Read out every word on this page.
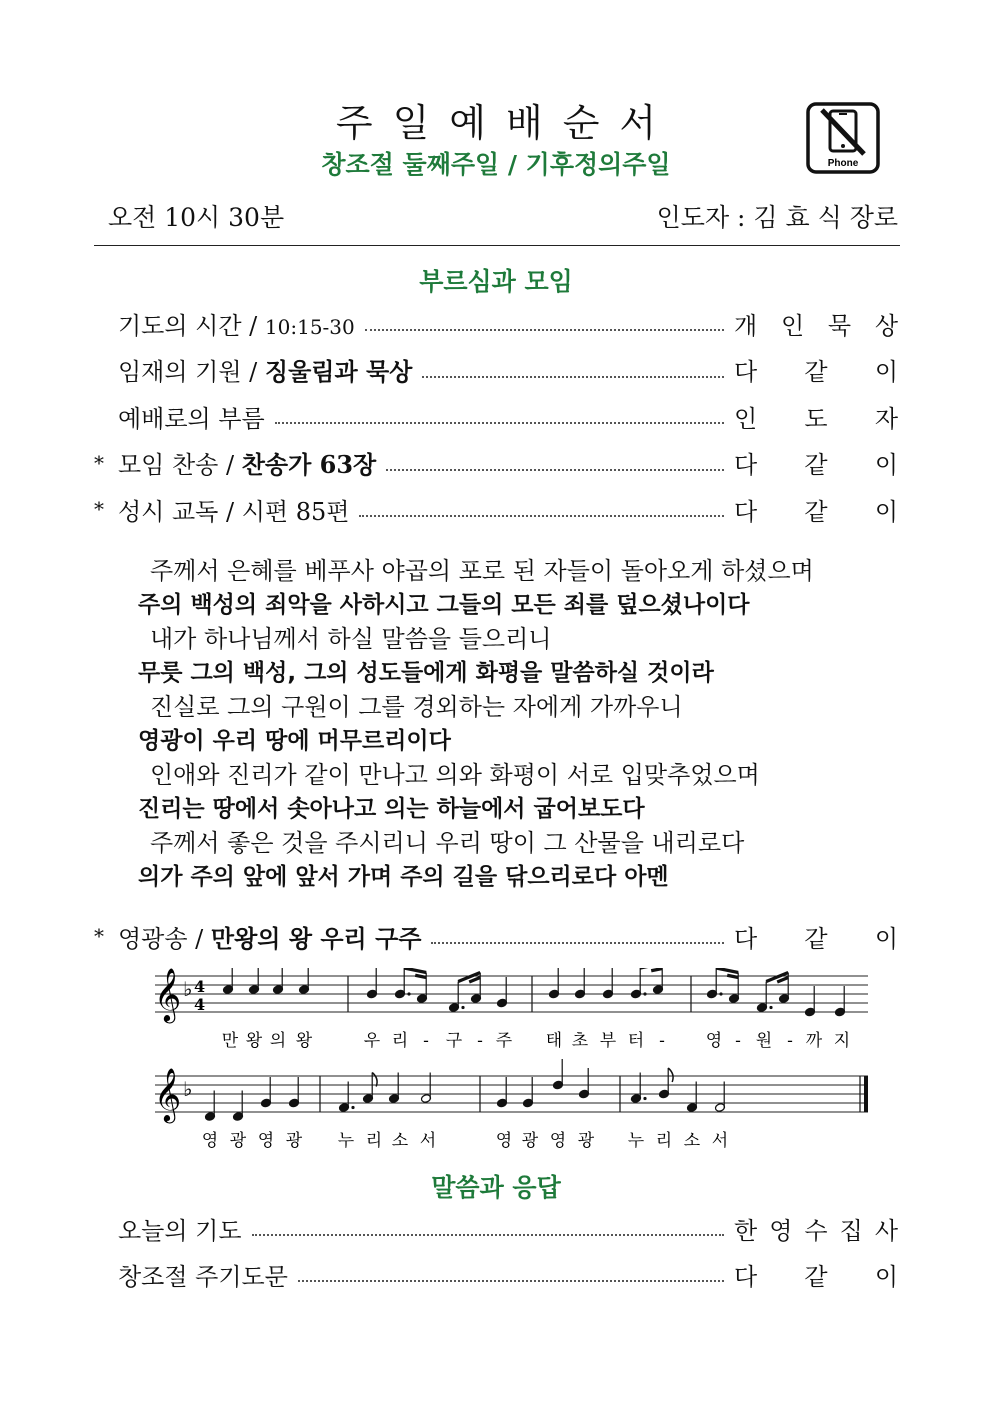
주일예배순서
창조절 둘째주일 / 기후정의주일	Phone
오전 10시 30분	인도자 : 김 효 식 장로
부르심과 모임
기도의 시간 / 10:15-30	개 인 묵 상
임재의 기원 / 징울림과 묵상	다 같 이
예배로의 부름	인 도 자
* 모임 찬송 / 찬송가 63장	다 같 이
* 성시 교독 / 시편 85편	다 같 이
주께서 은혜를 베푸사 야곱의 포로 된 자들이 돌아오게 하셨으며
주의 백성의 죄악을 사하시고 그들의 모든 죄를 덮으셨나이다
내가 하나님께서 하실 말씀을 들으리니
무릇 그의 백성, 그의 성도들에게 화평을 말씀하실 것이라
진실로 그의 구원이 그를 경외하는 자에게 가까우니
영광이 우리 땅에 머무르리이다
인애와 진리가 같이 만나고 의와 화평이 서로 입맞추었으며
진리는 땅에서 솟아나고 의는 하늘에서 굽어보도다
주께서 좋은 것을 주시리니 우리 땅이 그 산물을 내리로다
의가 주의 앞에 앞서 가며 주의 길을 닦으리로다 아멘
* 영광송 / 만왕의 왕 우리 구주	다 같 이
𝄞 ♭ 4
4
만 왕 의 왕	우 리 - 구 - 주 태 초 부 터 - 영 - 원 - 까 지
𝄞 ♭
영 광 영 광 누 리 소 서	영 광 영 광 누 리 소 서
말씀과 응답
오늘의 기도	한 영 수 집 사
창조절 주기도문	다 같 이
